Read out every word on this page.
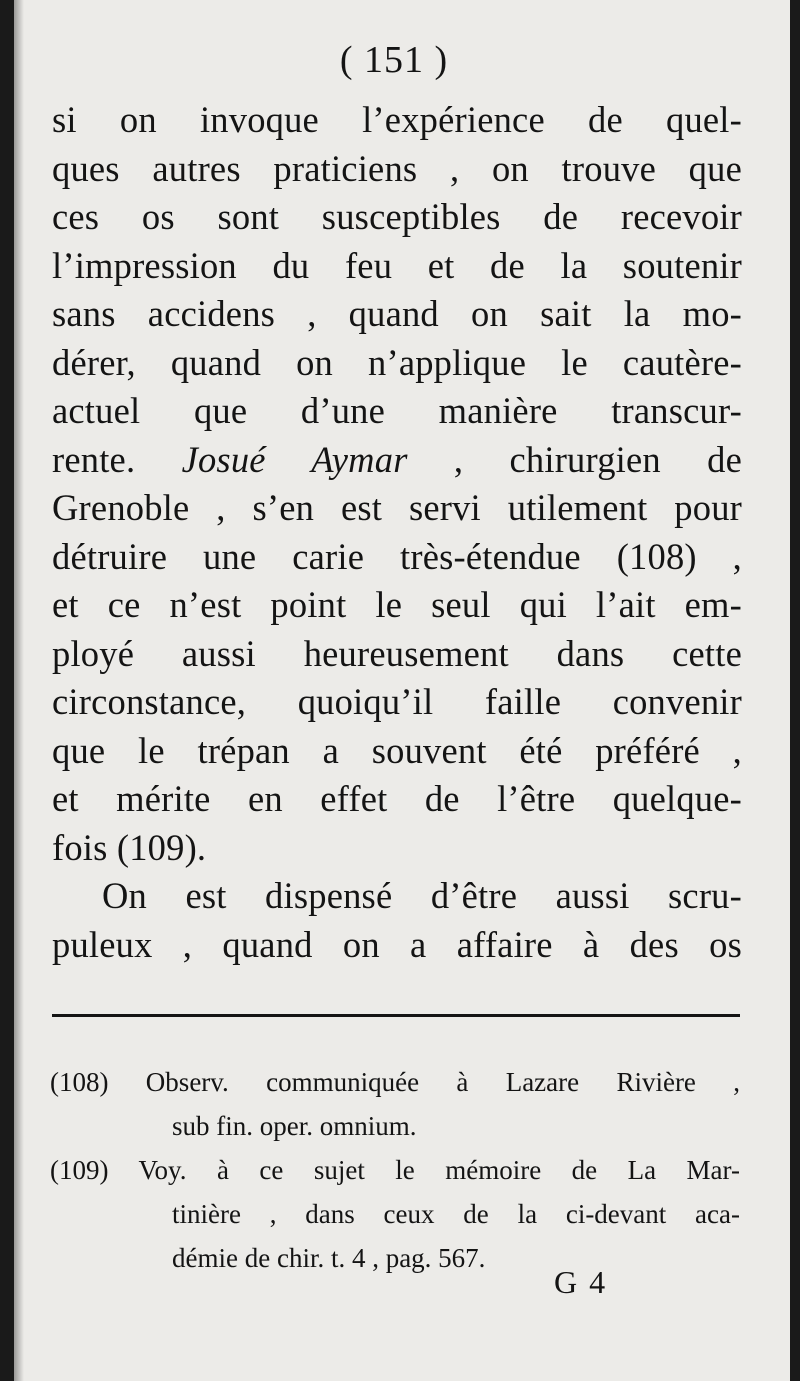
( 151 )
si on invoque l’expérience de quel-
ques autres praticiens , on trouve que
ces os sont susceptibles de recevoir
l’impression du feu et de la soutenir
sans accidens , quand on sait la mo-
dérer, quand on n’applique le cautère-
actuel que d’une manière transcur-
rente. Josué Aymar , chirurgien de
Grenoble , s’en est servi utilement pour
détruire une carie très-étendue (108) ,
et ce n’est point le seul qui l’ait em-
ployé aussi heureusement dans cette
circonstance, quoiqu’il faille convenir
que le trépan a souvent été préféré ,
et mérite en effet de l’être quelque-
fois (109).
On est dispensé d’être aussi scru-
puleux , quand on a affaire à des os
(108) Observ. communiquée à Lazare Rivière ,
sub fin. oper. omnium.
(109) Voy. à ce sujet le mémoire de La Mar-
tinière , dans ceux de la ci-devant aca-
démie de chir. t. 4 , pag. 567.
G 4
